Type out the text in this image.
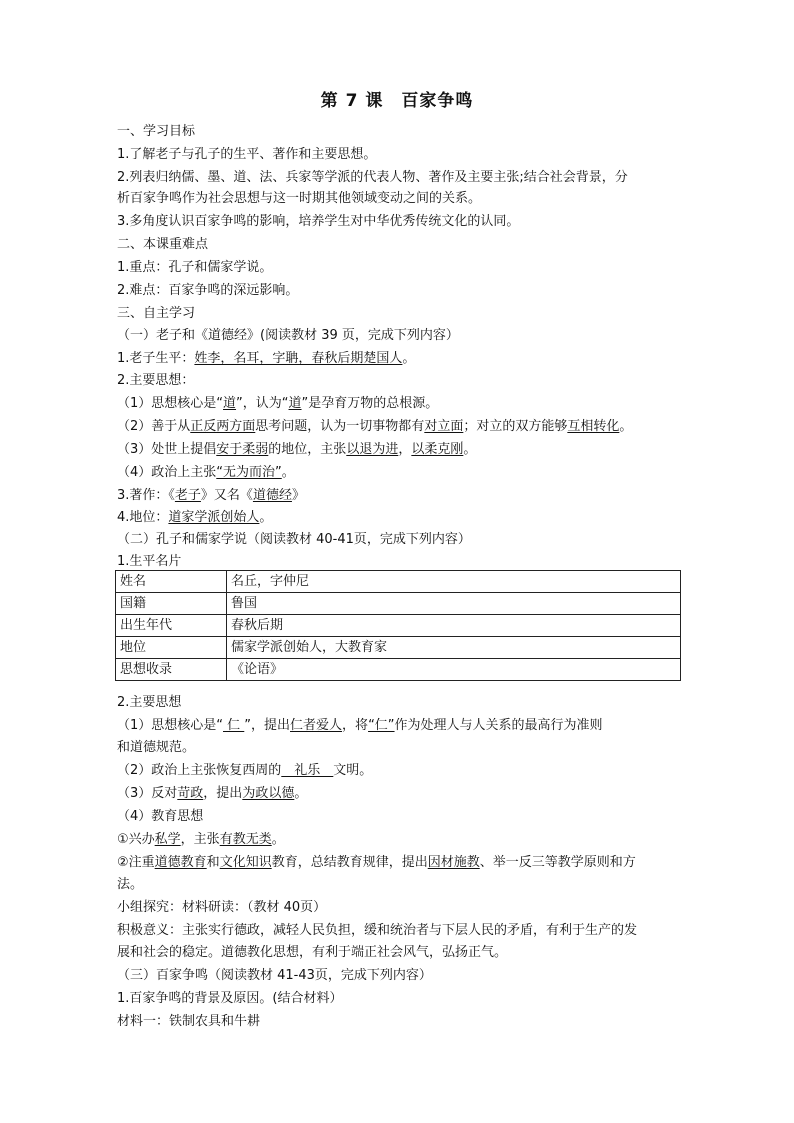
第 7 课　百家争鸣
一、学习目标
1.了解老子与孔子的生平、著作和主要思想。
2.列表归纳儒、墨、道、法、兵家等学派的代表人物、著作及主要主张;结合社会背景，分
析百家争鸣作为社会思想与这一时期其他领域变动之间的关系。
3.多角度认识百家争鸣的影响，培养学生对中华优秀传统文化的认同。
二、本课重难点
1.重点：孔子和儒家学说。
2.难点：百家争鸣的深远影响。
三、自主学习
（一）老子和《道德经》(阅读教材 39 页，完成下列内容）
1.老子生平：姓李，名耳，字聃，春秋后期楚国人。
2.主要思想：
（1）思想核心是“道”，认为“道”是孕育万物的总根源。
（2）善于从正反两方面思考问题，认为一切事物都有对立面；对立的双方能够互相转化。
（3）处世上提倡安于柔弱的地位，主张以退为进，以柔克刚。
（4）政治上主张“无为而治”。
3.著作：《老子》又名《道德经》
4.地位：道家学派创始人。
（二）孔子和儒家学说（阅读教材 40-41页，完成下列内容）
1.生平名片
姓名	名丘，字仲尼
国籍	鲁国
出生年代	春秋后期
地位	儒家学派创始人，大教育家
思想收录	《论语》
2.主要思想
（1）思想核心是“ 仁 ”，提出仁者爱人，将“仁”作为处理人与人关系的最高行为准则
和道德规范。
（2）政治上主张恢复西周的　礼乐　文明。
（3）反对苛政，提出为政以德。
（4）教育思想
①兴办私学，主张有教无类。
②注重道德教育和文化知识教育，总结教育规律，提出因材施教、举一反三等教学原则和方
法。
小组探究：材料研读：（教材 40页）
积极意义：主张实行德政，减轻人民负担，缓和统治者与下层人民的矛盾，有利于生产的发
展和社会的稳定。道德教化思想，有利于端正社会风气，弘扬正气。
（三）百家争鸣（阅读教材 41-43页，完成下列内容）
1.百家争鸣的背景及原因。(结合材料）
材料一：铁制农具和牛耕
